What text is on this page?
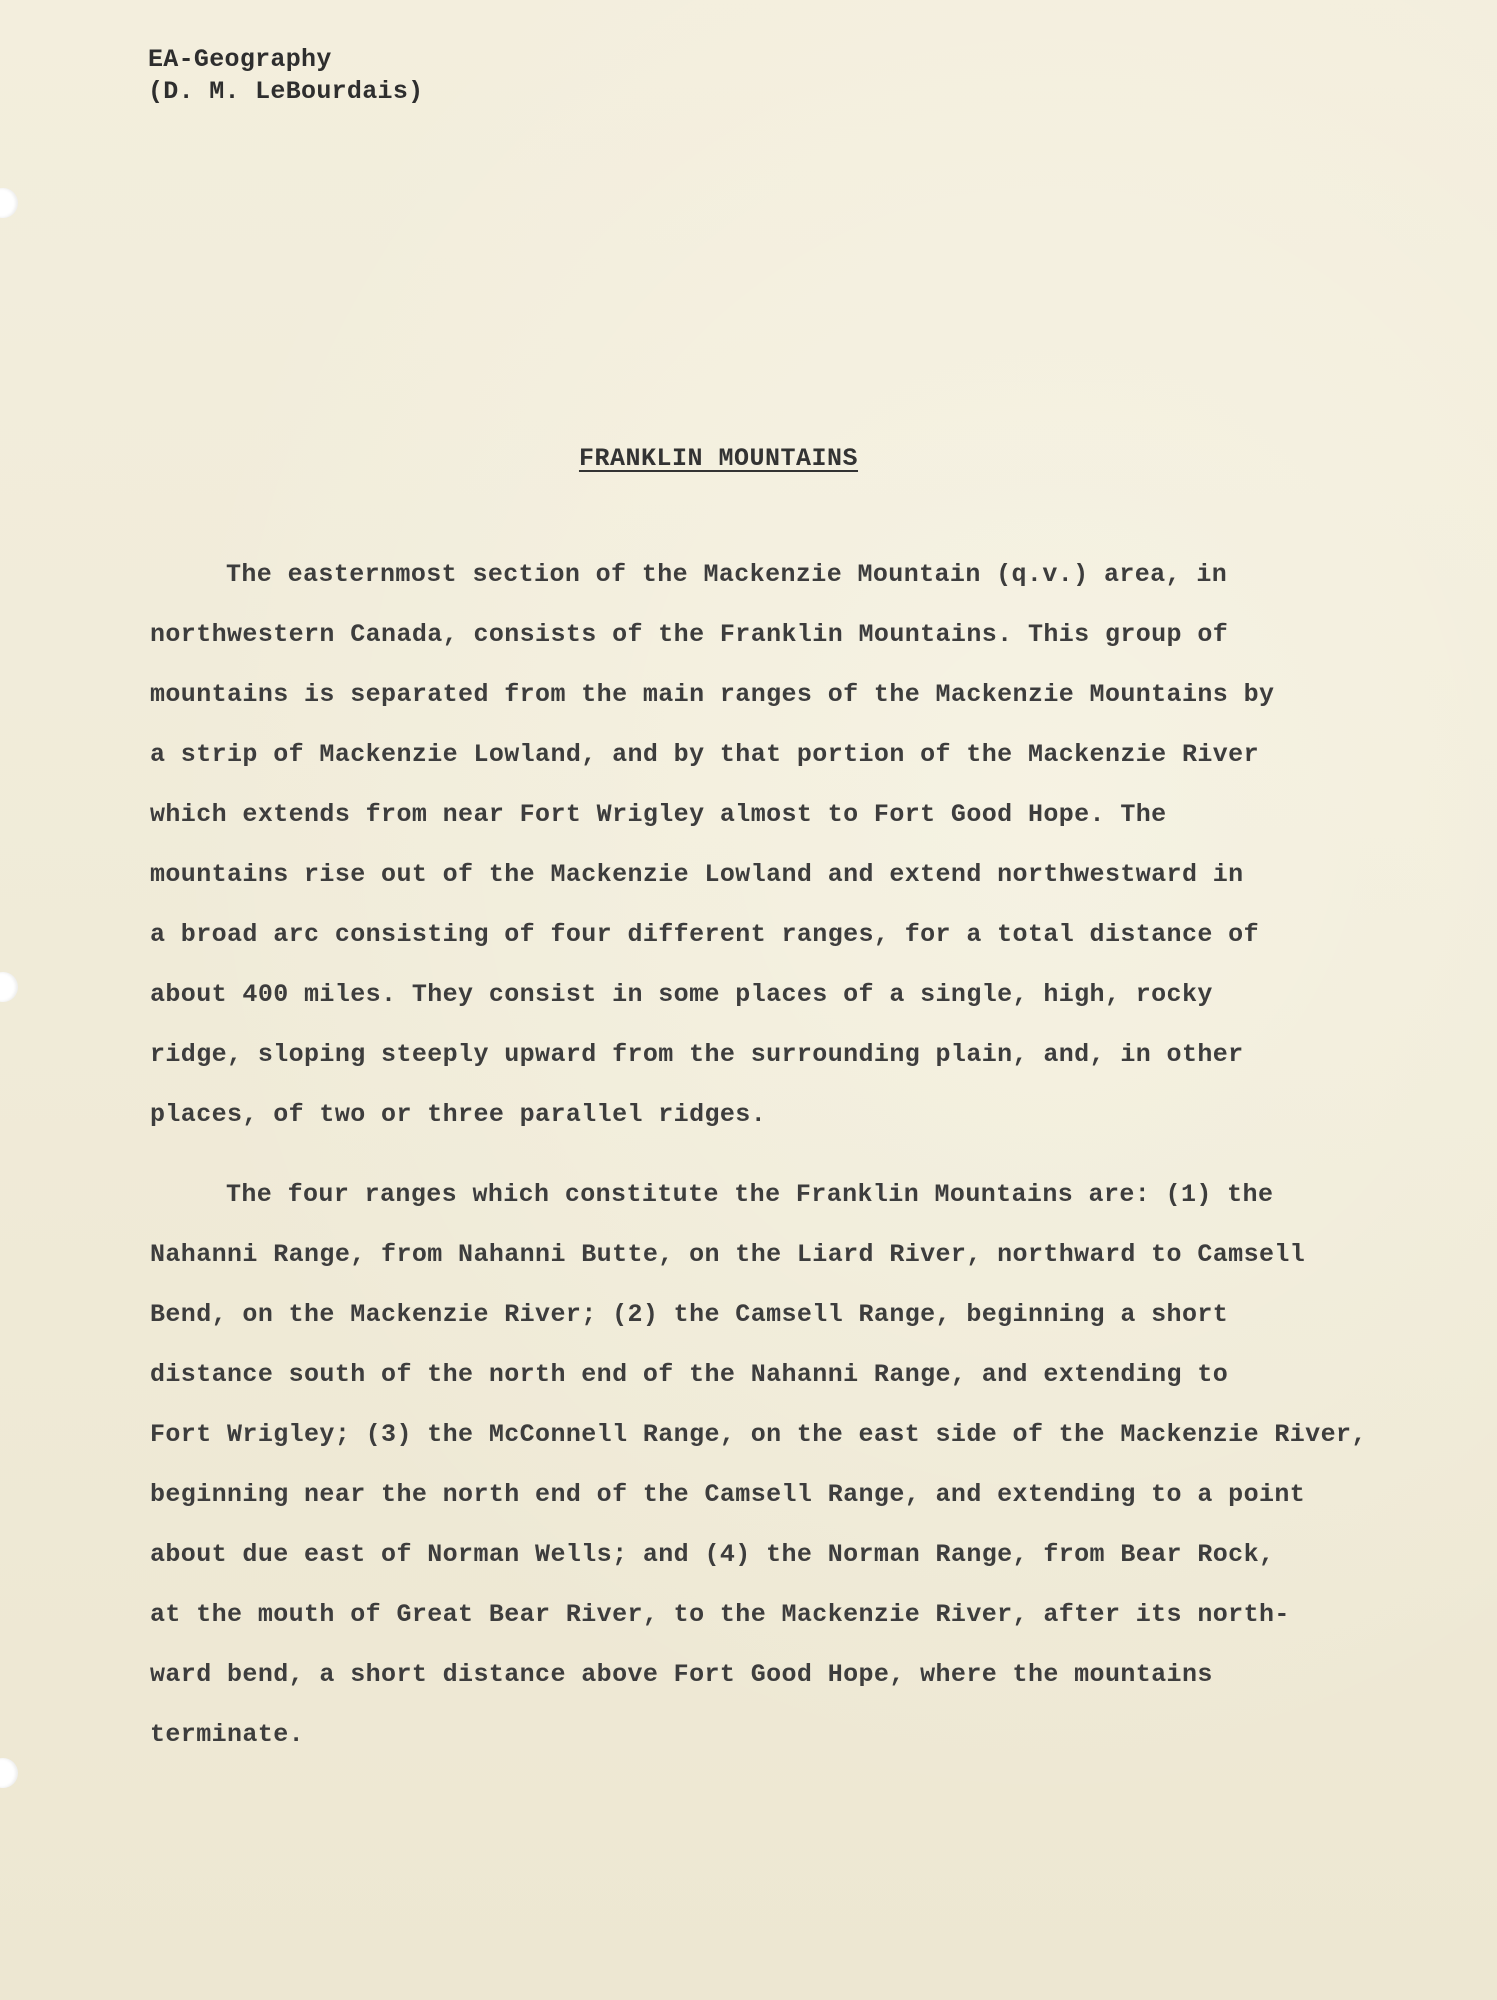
EA-Geography
(D. M. LeBourdais)
FRANKLIN MOUNTAINS
The easternmost section of the Mackenzie Mountain (q.v.) area, in
northwestern Canada, consists of the Franklin Mountains. This group of
mountains is separated from the main ranges of the Mackenzie Mountains by
a strip of Mackenzie Lowland, and by that portion of the Mackenzie River
which extends from near Fort Wrigley almost to Fort Good Hope. The
mountains rise out of the Mackenzie Lowland and extend northwestward in
a broad arc consisting of four different ranges, for a total distance of
about 400 miles. They consist in some places of a single, high, rocky
ridge, sloping steeply upward from the surrounding plain, and, in other
places, of two or three parallel ridges.
The four ranges which constitute the Franklin Mountains are: (1) the
Nahanni Range, from Nahanni Butte, on the Liard River, northward to Camsell
Bend, on the Mackenzie River; (2) the Camsell Range, beginning a short
distance south of the north end of the Nahanni Range, and extending to
Fort Wrigley; (3) the McConnell Range, on the east side of the Mackenzie River,
beginning near the north end of the Camsell Range, and extending to a point
about due east of Norman Wells; and (4) the Norman Range, from Bear Rock,
at the mouth of Great Bear River, to the Mackenzie River, after its north-
ward bend, a short distance above Fort Good Hope, where the mountains
terminate.
